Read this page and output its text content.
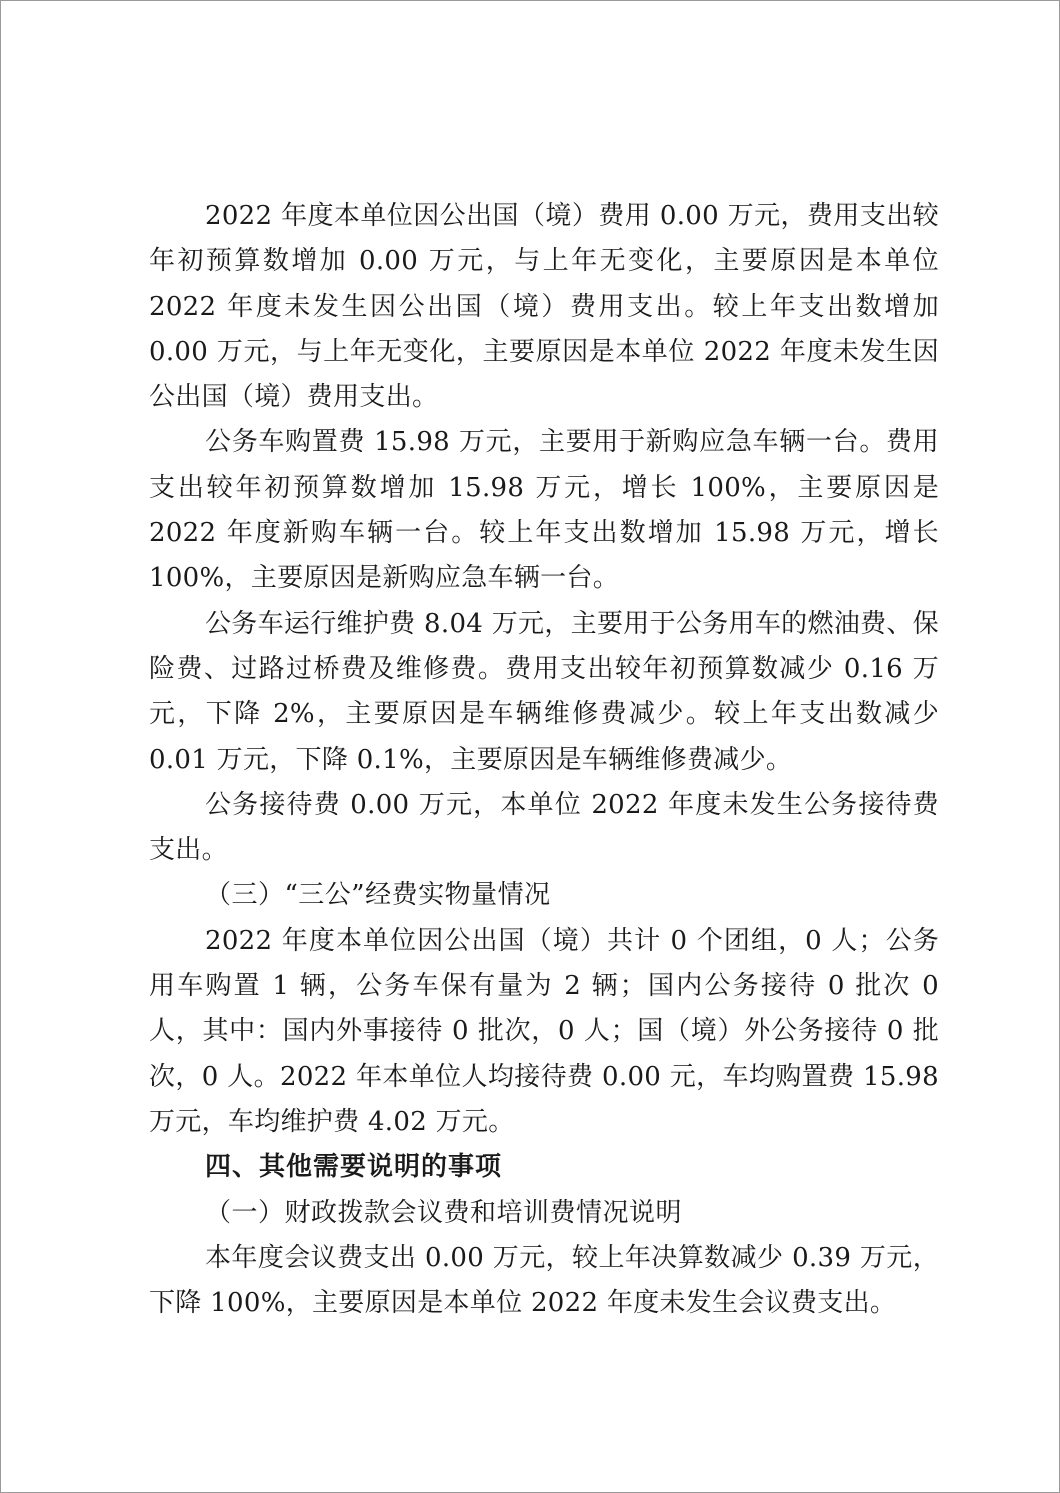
2022 年度本单位因公出国（境）费用 0.00 万元，费用支出较年初预算数增加 0.00 万元，与上年无变化，主要原因是本单位 2022 年度未发生因公出国（境）费用支出。较上年支出数增加 0.00 万元，与上年无变化，主要原因是本单位 2022 年度未发生因公出国（境）费用支出。

公务车购置费 15.98 万元，主要用于新购应急车辆一台。费用支出较年初预算数增加 15.98 万元，增长 100%，主要原因是 2022 年度新购车辆一台。较上年支出数增加 15.98 万元，增长 100%，主要原因是新购应急车辆一台。

公务车运行维护费 8.04 万元，主要用于公务用车的燃油费、保险费、过路过桥费及维修费。费用支出较年初预算数减少 0.16 万元，下降 2%，主要原因是车辆维修费减少。较上年支出数减少 0.01 万元，下降 0.1%，主要原因是车辆维修费减少。

公务接待费 0.00 万元，本单位 2022 年度未发生公务接待费支出。

（三）“三公”经费实物量情况

2022 年度本单位因公出国（境）共计 0 个团组，0 人；公务用车购置 1 辆，公务车保有量为 2 辆；国内公务接待 0 批次 0 人，其中：国内外事接待 0 批次，0 人；国（境）外公务接待 0 批次，0 人。2022 年本单位人均接待费 0.00 元，车均购置费 15.98 万元，车均维护费 4.02 万元。

四、其他需要说明的事项

（一）财政拨款会议费和培训费情况说明

本年度会议费支出 0.00 万元，较上年决算数减少 0.39 万元，下降 100%，主要原因是本单位 2022 年度未发生会议费支出。
